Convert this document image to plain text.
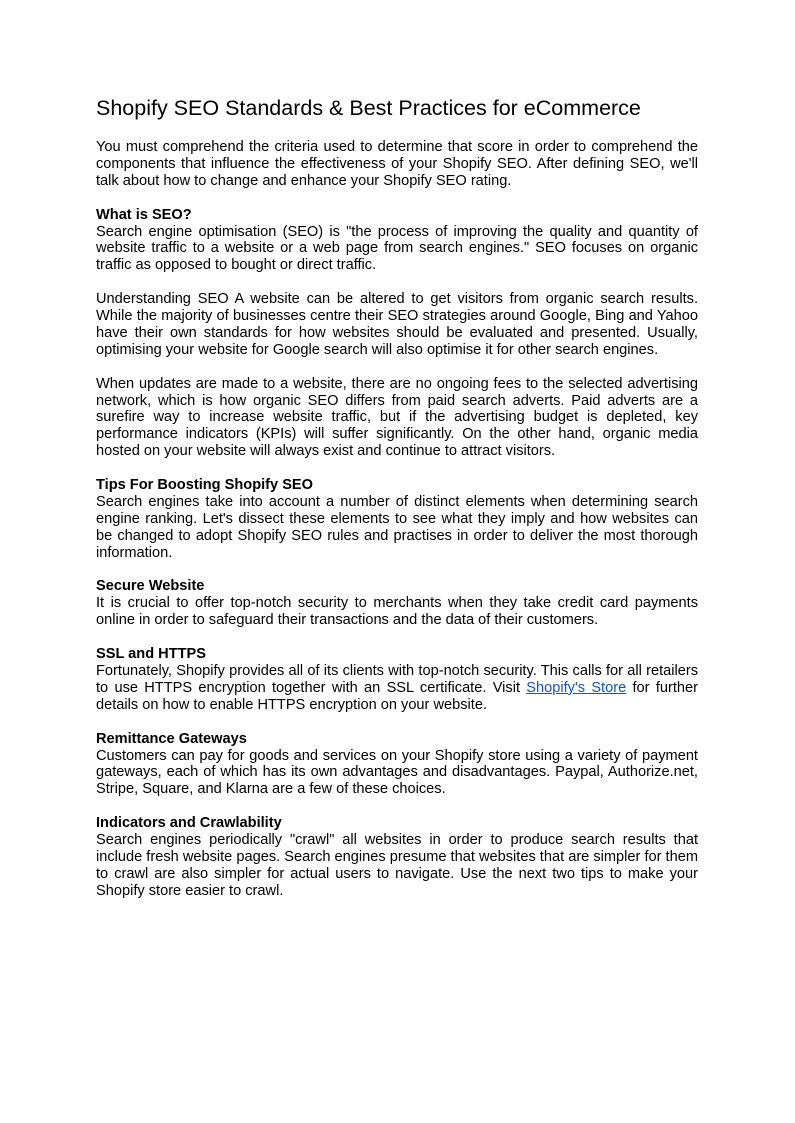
Shopify SEO Standards & Best Practices for eCommerce

You must comprehend the criteria used to determine that score in order to comprehend the components that influence the effectiveness of your Shopify SEO. After defining SEO, we'll talk about how to change and enhance your Shopify SEO rating.

What is SEO?

Search engine optimisation (SEO) is "the process of improving the quality and quantity of website traffic to a website or a web page from search engines." SEO focuses on organic traffic as opposed to bought or direct traffic.

Understanding SEO A website can be altered to get visitors from organic search results. While the majority of businesses centre their SEO strategies around Google, Bing and Yahoo have their own standards for how websites should be evaluated and presented. Usually, optimising your website for Google search will also optimise it for other search engines.

When updates are made to a website, there are no ongoing fees to the selected advertising network, which is how organic SEO differs from paid search adverts. Paid adverts are a surefire way to increase website traffic, but if the advertising budget is depleted, key performance indicators (KPIs) will suffer significantly. On the other hand, organic media hosted on your website will always exist and continue to attract visitors.

Tips For Boosting Shopify SEO

Search engines take into account a number of distinct elements when determining search engine ranking. Let's dissect these elements to see what they imply and how websites can be changed to adopt Shopify SEO rules and practises in order to deliver the most thorough information.

Secure Website

It is crucial to offer top-notch security to merchants when they take credit card payments online in order to safeguard their transactions and the data of their customers.

SSL and HTTPS

Fortunately, Shopify provides all of its clients with top-notch security. This calls for all retailers to use HTTPS encryption together with an SSL certificate. Visit Shopify's Store for further details on how to enable HTTPS encryption on your website.

Remittance Gateways

Customers can pay for goods and services on your Shopify store using a variety of payment gateways, each of which has its own advantages and disadvantages. Paypal, Authorize.net, Stripe, Square, and Klarna are a few of these choices.

Indicators and Crawlability

Search engines periodically "crawl" all websites in order to produce search results that include fresh website pages. Search engines presume that websites that are simpler for them to crawl are also simpler for actual users to navigate. Use the next two tips to make your Shopify store easier to crawl.
